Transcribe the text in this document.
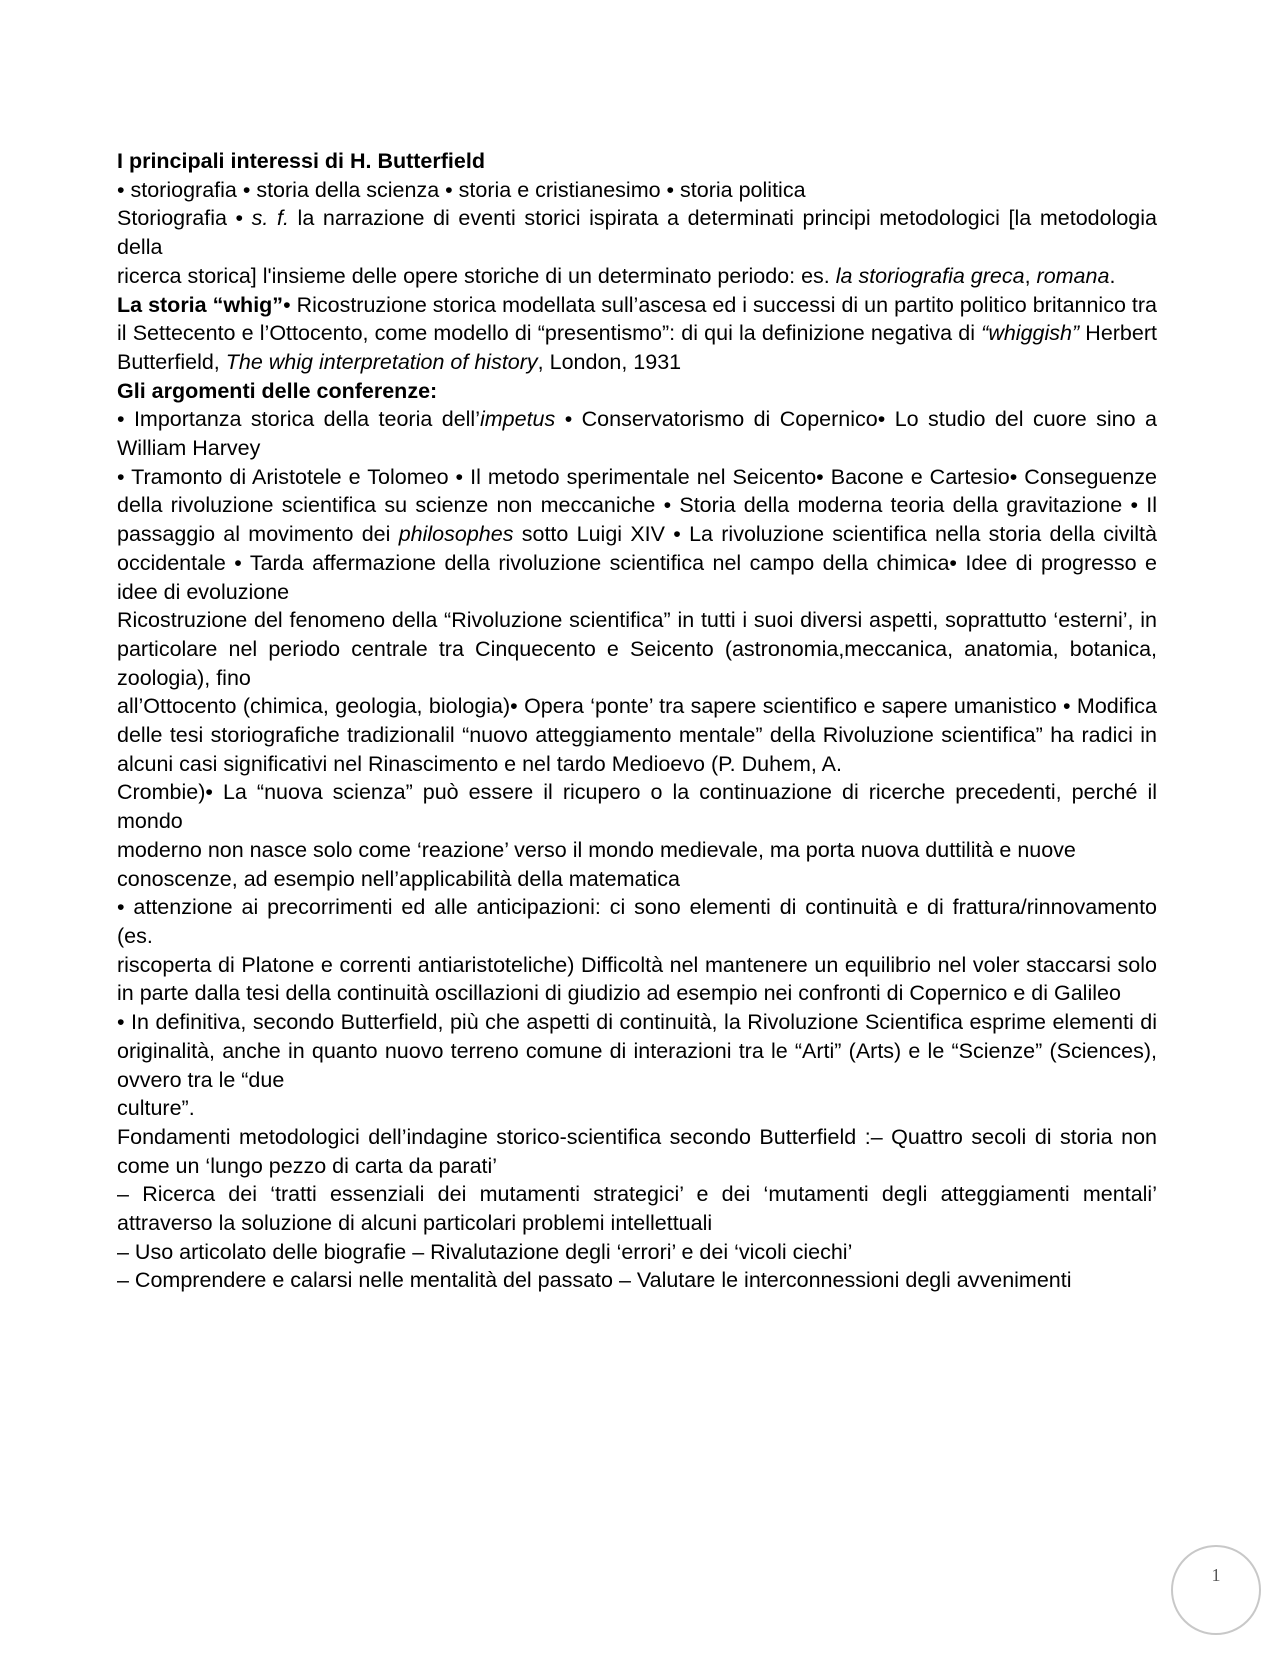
I principali interessi di H. Butterfield

• storiografia • storia della scienza • storia e cristianesimo • storia politica

Storiografia • s. f. la narrazione di eventi storici ispirata a determinati principi metodologici [la metodologia della
ricerca storica] l'insieme delle opere storiche di un determinato periodo: es. la storiografia greca, romana.

La storia “whig”• Ricostruzione storica modellata sull’ascesa ed i successi di un partito politico britannico tra il Settecento e l’Ottocento, come modello di “presentismo”: di qui la definizione negativa di “whiggish” Herbert Butterfield, The whig interpretation of history, London, 1931

Gli argomenti delle conferenze:

• Importanza storica della teoria dell’impetus • Conservatorismo di Copernico• Lo studio del cuore sino a William Harvey

• Tramonto di Aristotele e Tolomeo • Il metodo sperimentale nel Seicento• Bacone e Cartesio• Conseguenze della rivoluzione scientifica su scienze non meccaniche • Storia della moderna teoria della gravitazione • Il passaggio al movimento dei philosophes sotto Luigi XIV • La rivoluzione scientifica nella storia della civiltà occidentale • Tarda affermazione della rivoluzione scientifica nel campo della chimica• Idee di progresso e idee di evoluzione

Ricostruzione del fenomeno della “Rivoluzione scientifica” in tutti i suoi diversi aspetti, soprattutto ‘esterni’, in particolare nel periodo centrale tra Cinquecento e Seicento (astronomia,meccanica, anatomia, botanica, zoologia), fino
all’Ottocento (chimica, geologia, biologia)• Opera ‘ponte’ tra sapere scientifico e sapere umanistico • Modifica delle tesi storiografiche tradizionalil “nuovo atteggiamento mentale” della Rivoluzione scientifica” ha radici in alcuni casi significativi nel Rinascimento e nel tardo Medioevo (P. Duhem, A.
Crombie)• La “nuova scienza” può essere il ricupero o la continuazione di ricerche precedenti, perché il mondo
moderno non nasce solo come ‘reazione’ verso il mondo medievale, ma porta nuova duttilità e nuove
conoscenze, ad esempio nell’applicabilità della matematica

• attenzione ai precorrimenti ed alle anticipazioni: ci sono elementi di continuità e di frattura/rinnovamento (es.
riscoperta di Platone e correnti antiaristoteliche) Difficoltà nel mantenere un equilibrio nel voler staccarsi solo in parte dalla tesi della continuità oscillazioni di giudizio ad esempio nei confronti di Copernico e di Galileo

• In definitiva, secondo Butterfield, più che aspetti di continuità, la Rivoluzione Scientifica esprime elementi di originalità, anche in quanto nuovo terreno comune di interazioni tra le “Arti” (Arts) e le “Scienze” (Sciences), ovvero tra le “due
culture”.

Fondamenti metodologici dell’indagine storico-scientifica secondo Butterfield :– Quattro secoli di storia non come un ‘lungo pezzo di carta da parati’
– Ricerca dei ‘tratti essenziali dei mutamenti strategici’ e dei ‘mutamenti degli atteggiamenti mentali’ attraverso la soluzione di alcuni particolari problemi intellettuali
– Uso articolato delle biografie – Rivalutazione degli ‘errori’ e dei ‘vicoli ciechi’
– Comprendere e calarsi nelle mentalità del passato – Valutare le interconnessioni degli avvenimenti

1
